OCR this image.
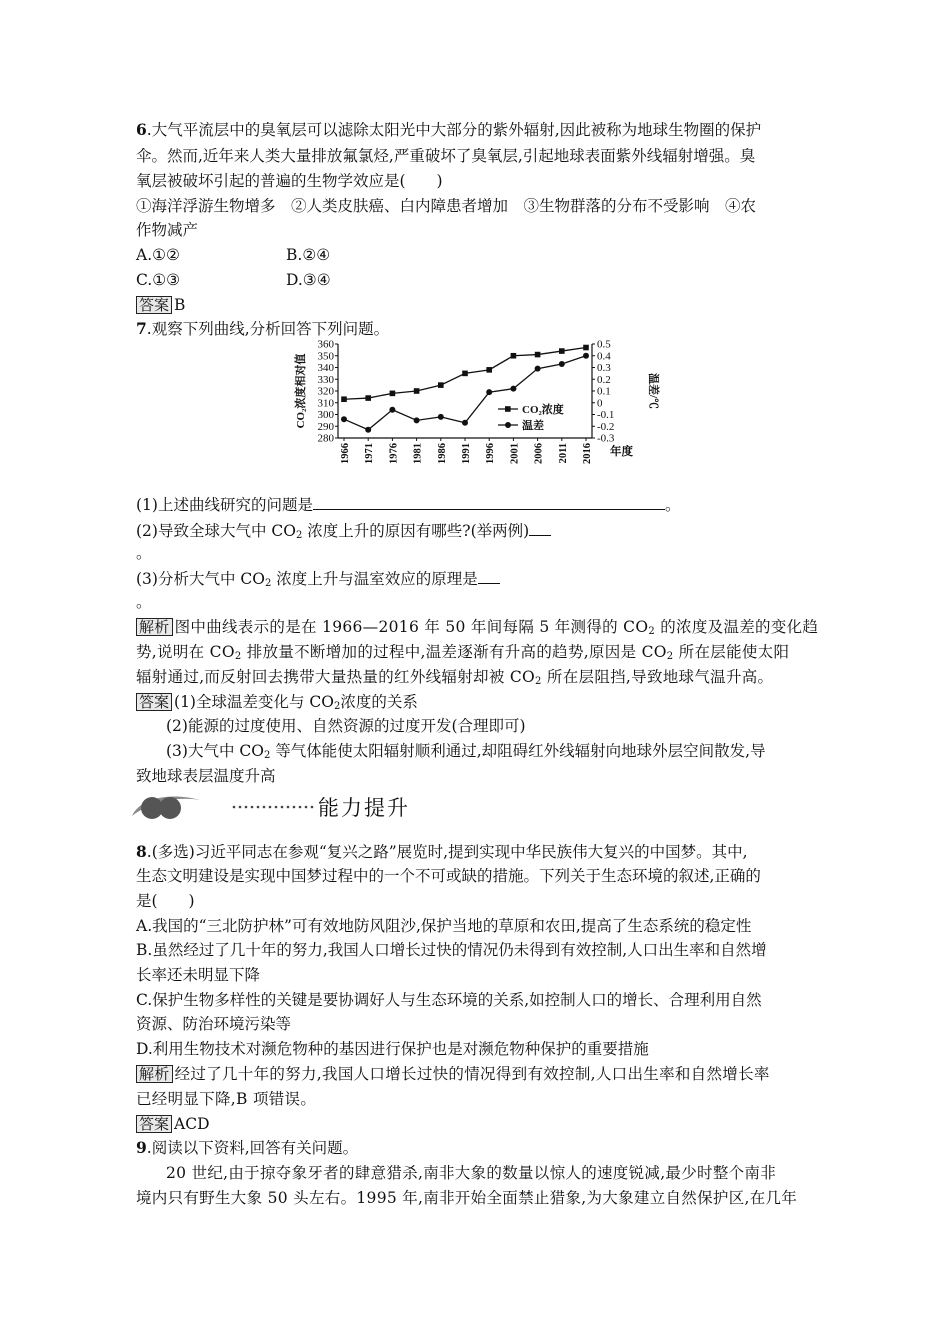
6.大气平流层中的臭氧层可以滤除太阳光中大部分的紫外辐射,因此被称为地球生物圈的保护
伞。然而,近年来人类大量排放氟氯烃,严重破坏了臭氧层,引起地球表面紫外线辐射增强。臭
氧层被破坏引起的普遍的生物学效应是(　　)
①海洋浮游生物增多　②人类皮肤癌、白内障患者增加　③生物群落的分布不受影响　④农
作物减产
A.①②	B.②④
C.①③	D.③④
答案 B
7.观察下列曲线,分析回答下列问题。
360
350
340
330
320
310
300
290
280
0.5
0.4
0.3
0.2
0.1
0
-0.1
-0.2
-0.3
1966 1971 1976 1981 1986 1991 1996 2001 2006 2011 2016
CO₂浓度相对值	温差/℃
年度
CO₂浓度
温差
(1)上述曲线研究的问题是	。
(2)导致全球大气中 $CO_2$ 浓度上升的原因有哪些?(举两例)
。
(3)分析大气中 $CO_2$ 浓度上升与温室效应的原理是
。
解析 图中曲线表示的是在 1966—2016 年 50 年间每隔 5 年测得的 $CO_2$ 的浓度及温差的变化趋
势,说明在 $CO_2$ 排放量不断增加的过程中,温差逐渐有升高的趋势,原因是 $CO_2$ 所在层能使太阳
辐射通过,而反射回去携带大量热量的红外线辐射却被 $CO_2$ 所在层阻挡,导致地球气温升高。
答案 (1)全球温差变化与 $CO_2$浓度的关系
(2)能源的过度使用、自然资源的过度开发(合理即可)
(3)大气中 $CO_2$ 等气体能使太阳辐射顺利通过,却阻碍红外线辐射向地球外层空间散发,导
致地球表层温度升高
能力提升
8.(多选)习近平同志在参观“复兴之路”展览时,提到实现中华民族伟大复兴的中国梦。其中,
生态文明建设是实现中国梦过程中的一个不可或缺的措施。下列关于生态环境的叙述,正确的
是(　　)
A.我国的“三北防护林”可有效地防风阻沙,保护当地的草原和农田,提高了生态系统的稳定性
B.虽然经过了几十年的努力,我国人口增长过快的情况仍未得到有效控制,人口出生率和自然增
长率还未明显下降
C.保护生物多样性的关键是要协调好人与生态环境的关系,如控制人口的增长、合理利用自然
资源、防治环境污染等
D.利用生物技术对濒危物种的基因进行保护也是对濒危物种保护的重要措施
解析 经过了几十年的努力,我国人口增长过快的情况得到有效控制,人口出生率和自然增长率
已经明显下降,B 项错误。
答案 ACD
9.阅读以下资料,回答有关问题。
20 世纪,由于掠夺象牙者的肆意猎杀,南非大象的数量以惊人的速度锐减,最少时整个南非
境内只有野生大象 50 头左右。1995 年,南非开始全面禁止猎象,为大象建立自然保护区,在几年
